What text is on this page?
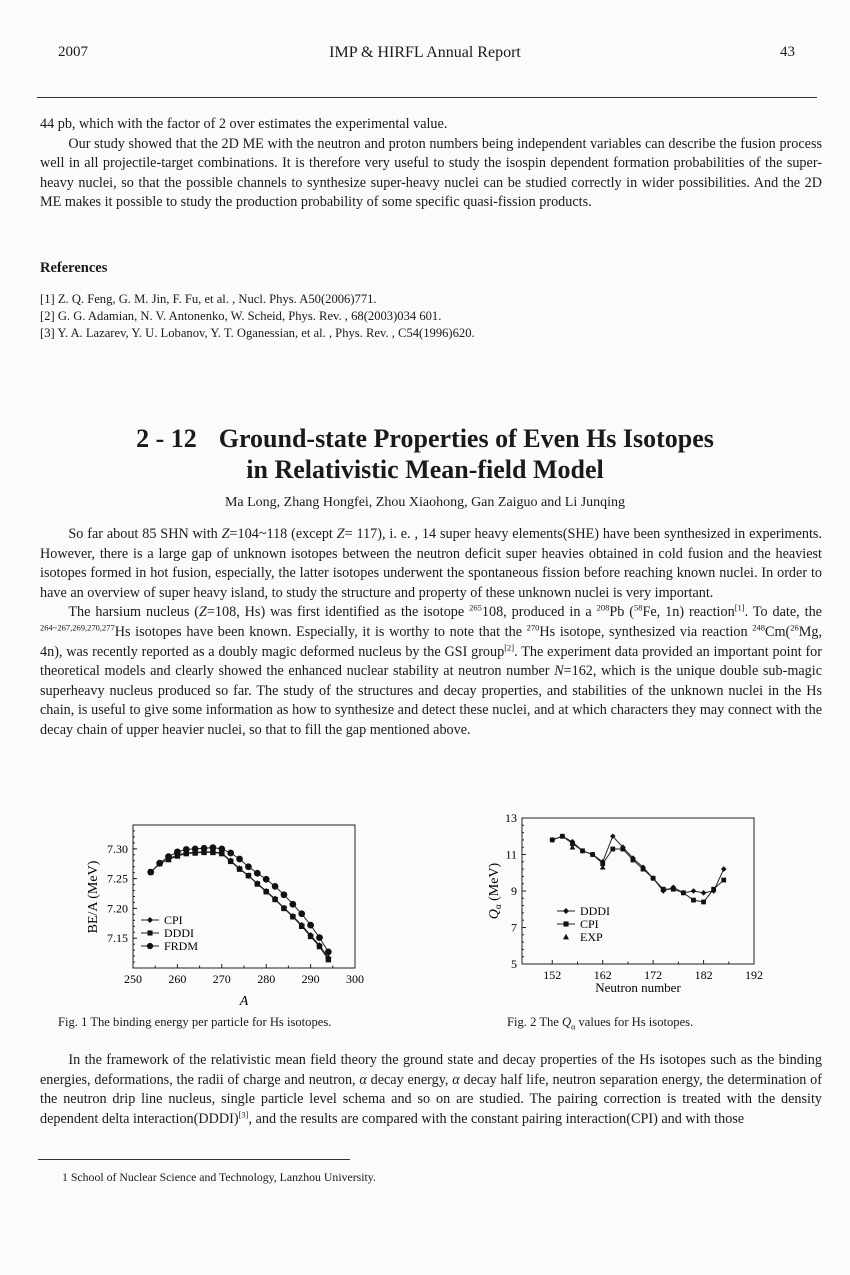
2007	IMP & HIRFL Annual Report	43

44 pb, which with the factor of 2 over estimates the experimental value.

Our study showed that the 2D ME with the neutron and proton numbers being independent variables can describe the fusion process well in all projectile-target combinations. It is therefore very useful to study the isospin dependent formation probabilities of the super-heavy nuclei, so that the possible channels to synthesize super-heavy nuclei can be studied correctly in wider possibilities. And the 2D ME makes it possible to study the production probability of some specific quasi-fission products.

References
[1] Z. Q. Feng, G. M. Jin, F. Fu, et al. , Nucl. Phys. A50(2006)771.
[2] G. G. Adamian, N. V. Antonenko, W. Scheid, Phys. Rev. , 68(2003)034 601.
[3] Y. A. Lazarev, Y. U. Lobanov, Y. T. Oganessian, et al. , Phys. Rev. , C54(1996)620.
2 - 12 Ground-state Properties of Even Hs Isotopes
in Relativistic Mean-field Model
Ma Long, Zhang Hongfei, Zhou Xiaohong, Gan Zaiguo and Li Junqing

So far about 85 SHN with Z=104~118 (except Z= 117), i. e. , 14 super heavy elements(SHE) have been synthesized in experiments. However, there is a large gap of unknown isotopes between the neutron deficit super heavies obtained in cold fusion and the heaviest isotopes formed in hot fusion, especially, the latter isotopes underwent the spontaneous fission before reaching known nuclei. In order to have an overview of super heavy island, to study the structure and property of these unknown nuclei is very important.

The harsium nucleus (Z=108, Hs) was first identified as the isotope $^{265}$108, produced in a $^{208}$Pb ($^{58}$Fe, 1n) reaction[1]. To date, the $^{264\sim 267,269,270,277}$Hs isotopes have been known. Especially, it is worthy to note that the $^{270}$Hs isotope, synthesized via reaction $^{248}$Cm($^{26}$Mg, 4n), was recently reported as a doubly magic deformed nucleus by the GSI group[2]. The experiment data provided an important point for theoretical models and clearly showed the enhanced nuclear stability at neutron number N=162, which is the unique double sub-magic superheavy nucleus produced so far. The study of the structures and decay properties, and stabilities of the unknown nuclei in the Hs chain, is useful to give some information as how to synthesize and detect these nuclei, and at which characters they may connect with the decay chain of upper heavier nuclei, so that to fill the gap mentioned above.

250 260 270 280 290 300
7.15
7.20
7.25
7.30
CPI
DDDI
FRDM
A
BE/A (MeV)
152	162	172	182	192
5
7
9
11
13
DDDI
CPI
EXP
Neutron number
$Q_\alpha$ (MeV)
Fig. 1 The binding energy per particle for Hs isotopes.	Fig. 2 The $Q_\alpha$ values for Hs isotopes.

In the framework of the relativistic mean field theory the ground state and decay properties of the Hs isotopes such as the binding energies, deformations, the radii of charge and neutron, α decay energy, α decay half life, neutron separation energy, the determination of the neutron drip line nucleus, single particle level schema and so on are studied. The pairing correction is treated with the density dependent delta interaction(DDDI)[3], and the results are compared with the constant pairing interaction(CPI) and with those

1 School of Nuclear Science and Technology, Lanzhou University.
